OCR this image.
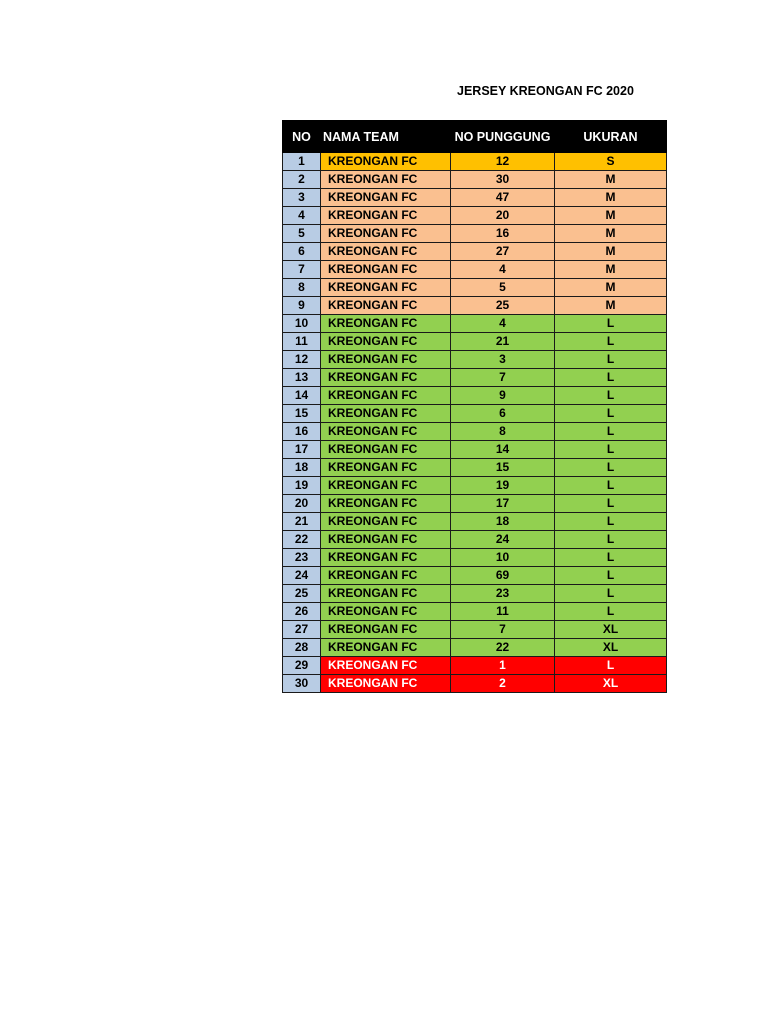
JERSEY KREONGAN FC 2020
NO	NAMA TEAM	NO PUNGGUNG	UKURAN
1	KREONGAN FC	12	S
2	KREONGAN FC	30	M
3	KREONGAN FC	47	M
4	KREONGAN FC	20	M
5	KREONGAN FC	16	M
6	KREONGAN FC	27	M
7	KREONGAN FC	4	M
8	KREONGAN FC	5	M
9	KREONGAN FC	25	M
10	KREONGAN FC	4	L
11	KREONGAN FC	21	L
12	KREONGAN FC	3	L
13	KREONGAN FC	7	L
14	KREONGAN FC	9	L
15	KREONGAN FC	6	L
16	KREONGAN FC	8	L
17	KREONGAN FC	14	L
18	KREONGAN FC	15	L
19	KREONGAN FC	19	L
20	KREONGAN FC	17	L
21	KREONGAN FC	18	L
22	KREONGAN FC	24	L
23	KREONGAN FC	10	L
24	KREONGAN FC	69	L
25	KREONGAN FC	23	L
26	KREONGAN FC	11	L
27	KREONGAN FC	7	XL
28	KREONGAN FC	22	XL
29	KREONGAN FC	1	L
30	KREONGAN FC	2	XL
